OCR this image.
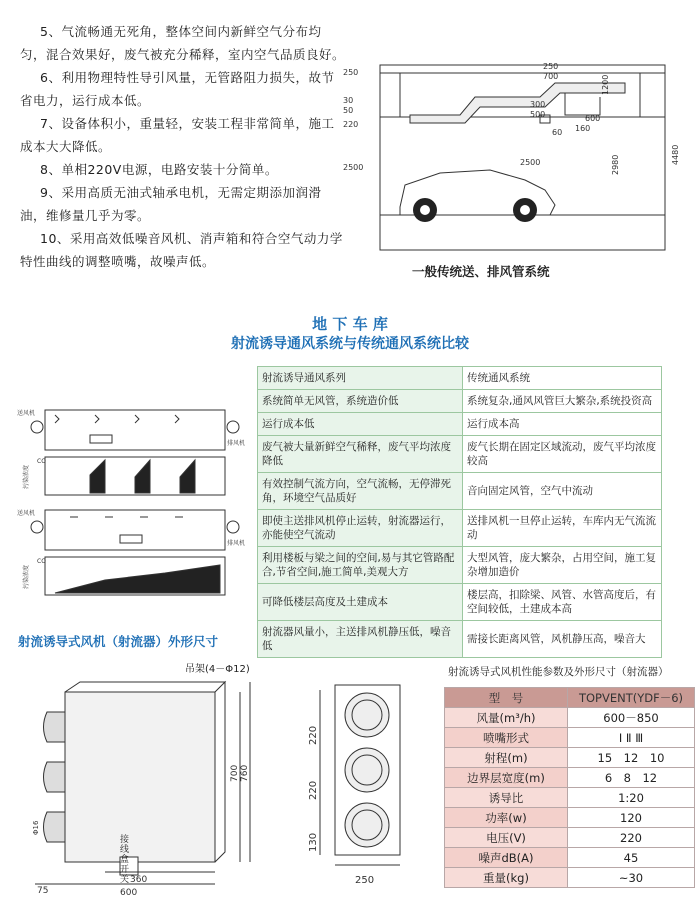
5、气流畅通无死角，整体空间内新鲜空气分布均
匀，混合效果好，废气被充分稀释，室内空气品质良好。
6、利用物理特性导引风量，无管路阻力损失，故节
省电力，运行成本低。
7、设备体积小，重量轻，安装工程非常简单，施工
成本大大降低。
8、单相220V电源，电路安装十分简单。
9、采用高质无油式轴承电机，无需定期添加润滑
油，维修量几乎为零。
10、采用高效低噪音风机、消声箱和符合空气动力学
特性曲线的调整喷嘴，故噪声低。
250
30
50
220
2500
250
700
300
500
160
600
60
2500
1200
2980	4480
一般传统送、排风管系统
地 下 车 库
射流诱导通风系统与传统通风系统比较
送风机
排风机
CO
污染浓度
送风机
排风机
CO
污染浓度
射流诱导通风系列	传统通风系统
系统简单无风管，系统造价低	系统复杂,通风风管巨大繁杂,系统投资高
运行成本低	运行成本高
废气被大量新鲜空气稀释，废气平均浓度降低	废气长期在固定区域流动，废气平均浓度较高
有效控制气流方向，空气流畅，无停滞死角，环境空气品质好	音向固定风管，空气中流动
即使主送排风机停止运转，射流器运行，亦能使空气流动	送排风机一旦停止运转，车库内无气流流动
利用楼板与梁之间的空间,易与其它管路配合,节省空间,施工简单,美观大方	大型风管，庞大繁杂，占用空间，施工复杂增加造价
可降低楼层高度及土建成本	楼层高，扣除梁、风管、水管高度后，有空间较低，土建成本高
射流器风量小，主送排风机静压低，噪音低	需接长距离风管，风机静压高，噪音大
射流诱导式风机（射流器）外形尺寸
吊架(4－Φ12)
600
360
75
Φ16
700 760
接线盒开关
220
220
130
250
射流诱导式风机性能参数及外形尺寸（射流器）
型　号	TOPVENT(YDF－6)
风量(m³/h)	600－850
喷嘴形式	Ⅰ Ⅱ Ⅲ
射程(m)	15　12　10
边界层宽度(m)	6　8　12
诱导比	1:20
功率(w)	120
电压(V)	220
噪声dB(A)	45
重量(kg)	~30
